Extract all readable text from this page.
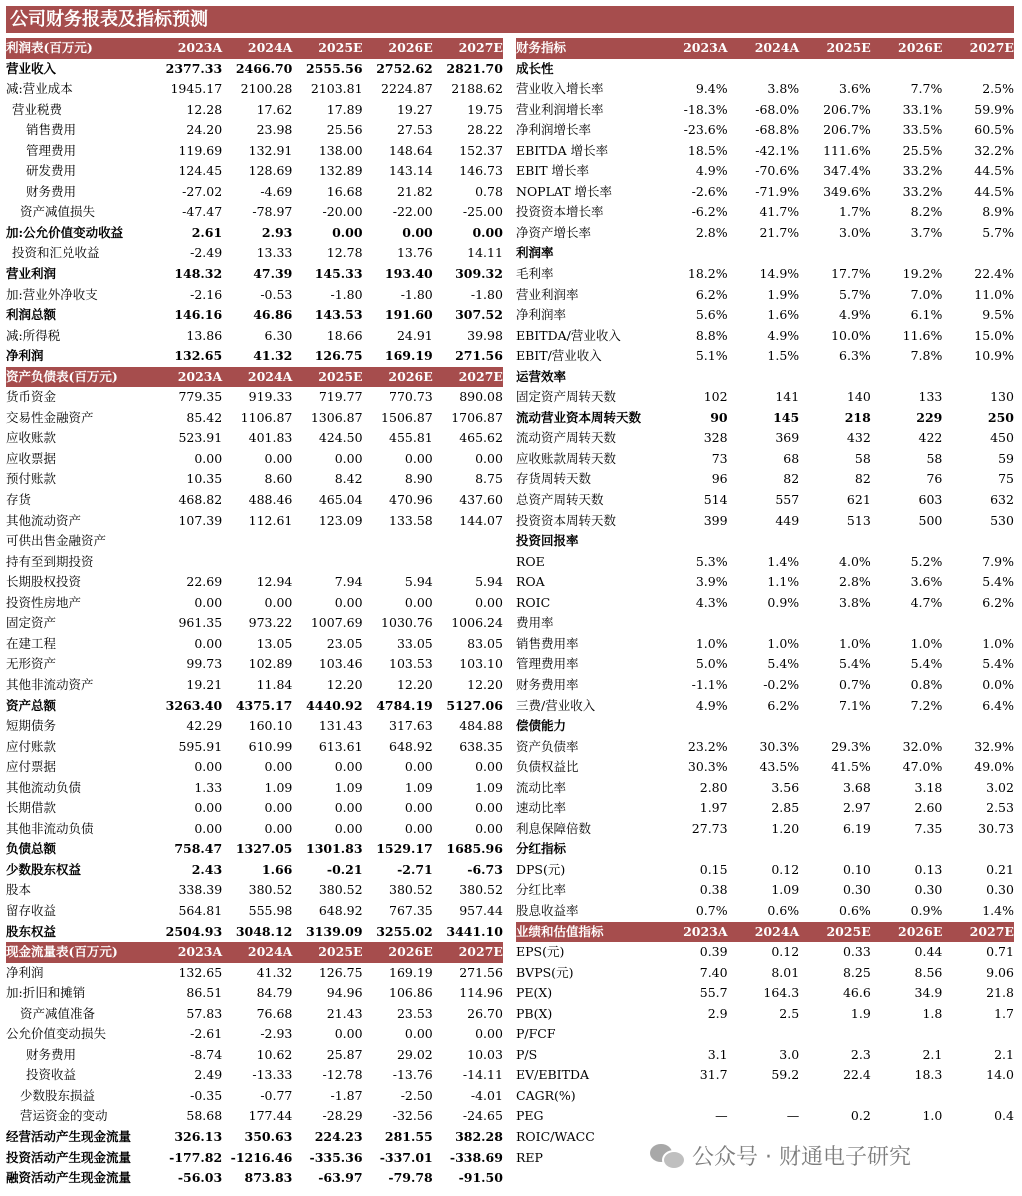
公司财务报表及指标预测
利润表(百万元)	2023A	2024A	2025E	2026E	2027E
营业收入	2377.33	2466.70	2555.56	2752.62	2821.70
减:营业成本	1945.17	2100.28	2103.81	2224.87	2188.62
营业税费	12.28	17.62	17.89	19.27	19.75
销售费用	24.20	23.98	25.56	27.53	28.22
管理费用	119.69	132.91	138.00	148.64	152.37
研发费用	124.45	128.69	132.89	143.14	146.73
财务费用	-27.02	-4.69	16.68	21.82	0.78
资产减值损失	-47.47	-78.97	-20.00	-22.00	-25.00
加:公允价值变动收益	2.61	2.93	0.00	0.00	0.00
投资和汇兑收益	-2.49	13.33	12.78	13.76	14.11
营业利润	148.32	47.39	145.33	193.40	309.32
加:营业外净收支	-2.16	-0.53	-1.80	-1.80	-1.80
利润总额	146.16	46.86	143.53	191.60	307.52
减:所得税	13.86	6.30	18.66	24.91	39.98
净利润	132.65	41.32	126.75	169.19	271.56
资产负债表(百万元)	2023A	2024A	2025E	2026E	2027E
货币资金	779.35	919.33	719.77	770.73	890.08
交易性金融资产	85.42	1106.87	1306.87	1506.87	1706.87
应收账款	523.91	401.83	424.50	455.81	465.62
应收票据	0.00	0.00	0.00	0.00	0.00
预付账款	10.35	8.60	8.42	8.90	8.75
存货	468.82	488.46	465.04	470.96	437.60
其他流动资产	107.39	112.61	123.09	133.58	144.07
可供出售金融资产
持有至到期投资
长期股权投资	22.69	12.94	7.94	5.94	5.94
投资性房地产	0.00	0.00	0.00	0.00	0.00
固定资产	961.35	973.22	1007.69	1030.76	1006.24
在建工程	0.00	13.05	23.05	33.05	83.05
无形资产	99.73	102.89	103.46	103.53	103.10
其他非流动资产	19.21	11.84	12.20	12.20	12.20
资产总额	3263.40	4375.17	4440.92	4784.19	5127.06
短期债务	42.29	160.10	131.43	317.63	484.88
应付账款	595.91	610.99	613.61	648.92	638.35
应付票据	0.00	0.00	0.00	0.00	0.00
其他流动负债	1.33	1.09	1.09	1.09	1.09
长期借款	0.00	0.00	0.00	0.00	0.00
其他非流动负债	0.00	0.00	0.00	0.00	0.00
负债总额	758.47	1327.05	1301.83	1529.17	1685.96
少数股东权益	2.43	1.66	-0.21	-2.71	-6.73
股本	338.39	380.52	380.52	380.52	380.52
留存收益	564.81	555.98	648.92	767.35	957.44
股东权益	2504.93	3048.12	3139.09	3255.02	3441.10
现金流量表(百万元)	2023A	2024A	2025E	2026E	2027E
净利润	132.65	41.32	126.75	169.19	271.56
加:折旧和摊销	86.51	84.79	94.96	106.86	114.96
资产减值准备	57.83	76.68	21.43	23.53	26.70
公允价值变动损失	-2.61	-2.93	0.00	0.00	0.00
财务费用	-8.74	10.62	25.87	29.02	10.03
投资收益	2.49	-13.33	-12.78	-13.76	-14.11
少数股东损益	-0.35	-0.77	-1.87	-2.50	-4.01
营运资金的变动	58.68	177.44	-28.29	-32.56	-24.65
经营活动产生现金流量	326.13	350.63	224.23	281.55	382.28
投资活动产生现金流量	-177.82 -1216.46	-335.36	-337.01	-338.69
融资活动产生现金流量	-56.03	873.83	-63.97	-79.78	-91.50
财务指标	2023A	2024A	2025E	2026E	2027E
成长性
营业收入增长率	9.4%	3.8%	3.6%	7.7%	2.5%
营业利润增长率	-18.3%	-68.0%	206.7%	33.1%	59.9%
净利润增长率	-23.6%	-68.8%	206.7%	33.5%	60.5%
EBITDA 增长率	18.5%	-42.1%	111.6%	25.5%	32.2%
EBIT 增长率	4.9%	-70.6%	347.4%	33.2%	44.5%
NOPLAT 增长率	-2.6%	-71.9%	349.6%	33.2%	44.5%
投资资本增长率	-6.2%	41.7%	1.7%	8.2%	8.9%
净资产增长率	2.8%	21.7%	3.0%	3.7%	5.7%
利润率
毛利率	18.2%	14.9%	17.7%	19.2%	22.4%
营业利润率	6.2%	1.9%	5.7%	7.0%	11.0%
净利润率	5.6%	1.6%	4.9%	6.1%	9.5%
EBITDA/营业收入	8.8%	4.9%	10.0%	11.6%	15.0%
EBIT/营业收入	5.1%	1.5%	6.3%	7.8%	10.9%
运营效率
固定资产周转天数	102	141	140	133	130
流动营业资本周转天数	90	145	218	229	250
流动资产周转天数	328	369	432	422	450
应收账款周转天数	73	68	58	58	59
存货周转天数	96	82	82	76	75
总资产周转天数	514	557	621	603	632
投资资本周转天数	399	449	513	500	530
投资回报率
ROE	5.3%	1.4%	4.0%	5.2%	7.9%
ROA	3.9%	1.1%	2.8%	3.6%	5.4%
ROIC	4.3%	0.9%	3.8%	4.7%	6.2%
费用率
销售费用率	1.0%	1.0%	1.0%	1.0%	1.0%
管理费用率	5.0%	5.4%	5.4%	5.4%	5.4%
财务费用率	-1.1%	-0.2%	0.7%	0.8%	0.0%
三费/营业收入	4.9%	6.2%	7.1%	7.2%	6.4%
偿债能力
资产负债率	23.2%	30.3%	29.3%	32.0%	32.9%
负债权益比	30.3%	43.5%	41.5%	47.0%	49.0%
流动比率	2.80	3.56	3.68	3.18	3.02
速动比率	1.97	2.85	2.97	2.60	2.53
利息保障倍数	27.73	1.20	6.19	7.35	30.73
分红指标
DPS(元)	0.15	0.12	0.10	0.13	0.21
分红比率	0.38	1.09	0.30	0.30	0.30
股息收益率	0.7%	0.6%	0.6%	0.9%	1.4%
业绩和估值指标	2023A	2024A	2025E	2026E	2027E
EPS(元)	0.39	0.12	0.33	0.44	0.71
BVPS(元)	7.40	8.01	8.25	8.56	9.06
PE(X)	55.7	164.3	46.6	34.9	21.8
PB(X)	2.9	2.5	1.9	1.8	1.7
P/FCF
P/S	3.1	3.0	2.3	2.1	2.1
EV/EBITDA	31.7	59.2	22.4	18.3	14.0
CAGR(%)
PEG	—	—	0.2	1.0	0.4
ROIC/WACC
REP	公众号 · 财通电子研究
